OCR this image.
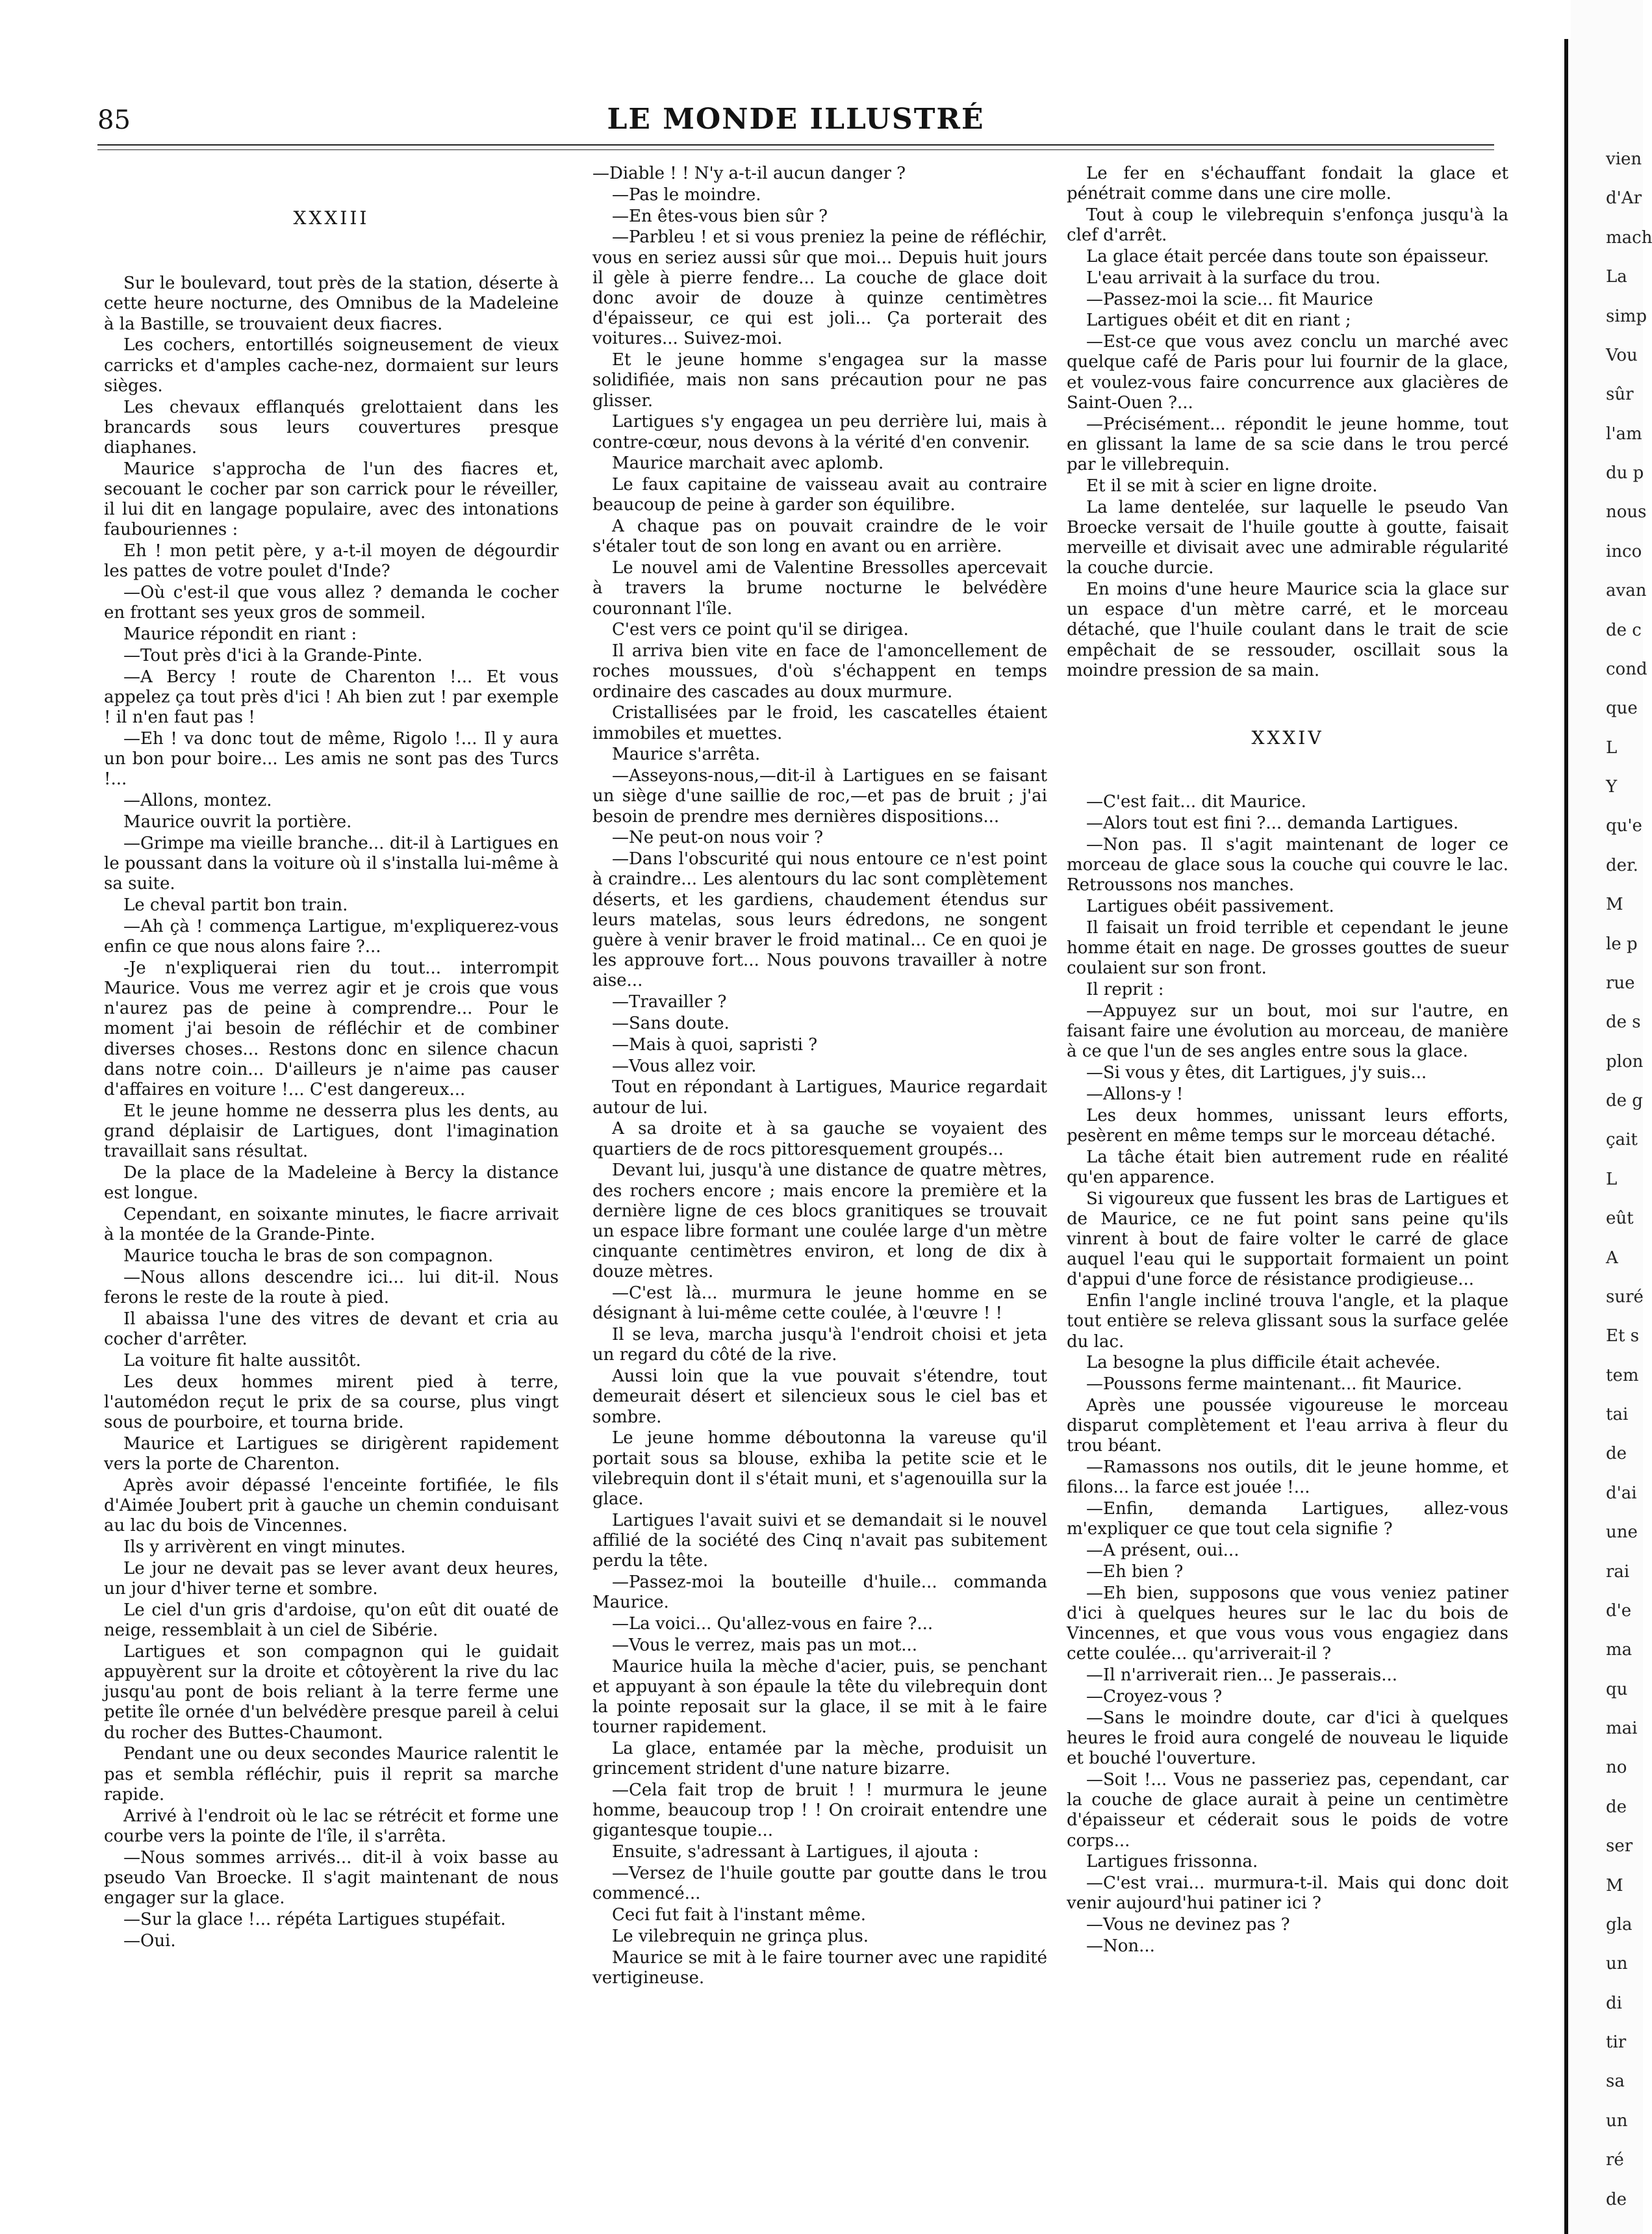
85	LE MONDE ILLUSTRÉ
XXXIII

Sur le boulevard, tout près de la station, déserte à cette heure nocturne, des Omnibus de la Madeleine à la Bastille, se trouvaient deux fiacres.

Les cochers, entortillés soigneusement de vieux carricks et d'amples cache-nez, dormaient sur leurs sièges.

Les chevaux efflanqués grelottaient dans les brancards sous leurs couvertures presque diaphanes.

Maurice s'approcha de l'un des fiacres et, secouant le cocher par son carrick pour le réveiller, il lui dit en langage populaire, avec des intonations faubouriennes :

Eh ! mon petit père, y a-t-il moyen de dégourdir les pattes de votre poulet d'Inde?

—Où c'est-il que vous allez ? demanda le cocher en frottant ses yeux gros de sommeil.

Maurice répondit en riant :

—Tout près d'ici à la Grande-Pinte.

—A Bercy ! route de Charenton !... Et vous appelez ça tout près d'ici ! Ah bien zut ! par exemple ! il n'en faut pas !

—Eh ! va donc tout de même, Rigolo !... Il y aura un bon pour boire... Les amis ne sont pas des Turcs !...

—Allons, montez.

Maurice ouvrit la portière.

—Grimpe ma vieille branche... dit-il à Lartigues en le poussant dans la voiture où il s'installa lui-même à sa suite.

Le cheval partit bon train.

—Ah çà ! commença Lartigue, m'expliquerez-vous enfin ce que nous alons faire ?...

-Je n'expliquerai rien du tout... interrompit Maurice. Vous me verrez agir et je crois que vous n'aurez pas de peine à comprendre... Pour le moment j'ai besoin de réfléchir et de combiner diverses choses... Restons donc en silence chacun dans notre coin... D'ailleurs je n'aime pas causer d'affaires en voiture !... C'est dangereux...

Et le jeune homme ne desserra plus les dents, au grand déplaisir de Lartigues, dont l'imagination travaillait sans résultat.

De la place de la Madeleine à Bercy la distance est longue.

Cependant, en soixante minutes, le fiacre arrivait à la montée de la Grande-Pinte.

Maurice toucha le bras de son compagnon.

—Nous allons descendre ici... lui dit-il. Nous ferons le reste de la route à pied.

Il abaissa l'une des vitres de devant et cria au cocher d'arrêter.

La voiture fit halte aussitôt.

Les deux hommes mirent pied à terre, l'automédon reçut le prix de sa course, plus vingt sous de pourboire, et tourna bride.

Maurice et Lartigues se dirigèrent rapidement vers la porte de Charenton.

Après avoir dépassé l'enceinte fortifiée, le fils d'Aimée Joubert prit à gauche un chemin conduisant au lac du bois de Vincennes.

Ils y arrivèrent en vingt minutes.

Le jour ne devait pas se lever avant deux heures, un jour d'hiver terne et sombre.

Le ciel d'un gris d'ardoise, qu'on eût dit ouaté de neige, ressemblait à un ciel de Sibérie.

Lartigues et son compagnon qui le guidait appuyèrent sur la droite et côtoyèrent la rive du lac jusqu'au pont de bois reliant à la terre ferme une petite île ornée d'un belvédère presque pareil à celui du rocher des Buttes-Chaumont.

Pendant une ou deux secondes Maurice ralentit le pas et sembla réfléchir, puis il reprit sa marche rapide.

Arrivé à l'endroit où le lac se rétrécit et forme une courbe vers la pointe de l'île, il s'arrêta.

—Nous sommes arrivés... dit-il à voix basse au pseudo Van Broecke. Il s'agit maintenant de nous engager sur la glace.

—Sur la glace !... répéta Lartigues stupéfait.

—Oui.

—Diable ! ! N'y a-t-il aucun danger ?

—Pas le moindre.

—En êtes-vous bien sûr ?

—Parbleu ! et si vous preniez la peine de réfléchir, vous en seriez aussi sûr que moi... Depuis huit jours il gèle à pierre fendre... La couche de glace doit donc avoir de douze à quinze centimètres d'épaisseur, ce qui est joli... Ça porterait des voitures... Suivez-moi.

Et le jeune homme s'engagea sur la masse solidifiée, mais non sans précaution pour ne pas glisser.

Lartigues s'y engagea un peu derrière lui, mais à contre-cœur, nous devons à la vérité d'en convenir.

Maurice marchait avec aplomb.

Le faux capitaine de vaisseau avait au contraire beaucoup de peine à garder son équilibre.

A chaque pas on pouvait craindre de le voir s'étaler tout de son long en avant ou en arrière.

Le nouvel ami de Valentine Bressolles apercevait à travers la brume nocturne le belvédère couronnant l'île.

C'est vers ce point qu'il se dirigea.

Il arriva bien vite en face de l'amoncellement de roches moussues, d'où s'échappent en temps ordinaire des cascades au doux murmure.

Cristallisées par le froid, les cascatelles étaient immobiles et muettes.

Maurice s'arrêta.

—Asseyons-nous,—dit-il à Lartigues en se faisant un siège d'une saillie de roc,—et pas de bruit ; j'ai besoin de prendre mes dernières dispositions...

—Ne peut-on nous voir ?

—Dans l'obscurité qui nous entoure ce n'est point à craindre... Les alentours du lac sont complètement déserts, et les gardiens, chaudement étendus sur leurs matelas, sous leurs édredons, ne songent guère à venir braver le froid matinal... Ce en quoi je les approuve fort... Nous pouvons travailler à notre aise...

—Travailler ?

—Sans doute.

—Mais à quoi, sapristi ?

—Vous allez voir.

Tout en répondant à Lartigues, Maurice regardait autour de lui.

A sa droite et à sa gauche se voyaient des quartiers de de rocs pittoresquement groupés...

Devant lui, jusqu'à une distance de quatre mètres, des rochers encore ; mais encore la première et la dernière ligne de ces blocs granitiques se trouvait un espace libre formant une coulée large d'un mètre cinquante centimètres environ, et long de dix à douze mètres.

—C'est là... murmura le jeune homme en se désignant à lui-même cette coulée, à l'œuvre ! !

Il se leva, marcha jusqu'à l'endroit choisi et jeta un regard du côté de la rive.

Aussi loin que la vue pouvait s'étendre, tout demeurait désert et silencieux sous le ciel bas et sombre.

Le jeune homme déboutonna la vareuse qu'il portait sous sa blouse, exhiba la petite scie et le vilebrequin dont il s'était muni, et s'agenouilla sur la glace.

Lartigues l'avait suivi et se demandait si le nouvel affilié de la société des Cinq n'avait pas subitement perdu la tête.

—Passez-moi la bouteille d'huile... commanda Maurice.

—La voici... Qu'allez-vous en faire ?...

—Vous le verrez, mais pas un mot...

Maurice huila la mèche d'acier, puis, se penchant et appuyant à son épaule la tête du vilebrequin dont la pointe reposait sur la glace, il se mit à le faire tourner rapidement.

La glace, entamée par la mèche, produisit un grincement strident d'une nature bizarre.

—Cela fait trop de bruit ! ! murmura le jeune homme, beaucoup trop ! ! On croirait entendre une gigantesque toupie...

Ensuite, s'adressant à Lartigues, il ajouta :

—Versez de l'huile goutte par goutte dans le trou commencé...

Ceci fut fait à l'instant même.

Le vilebrequin ne grinça plus.

Maurice se mit à le faire tourner avec une rapidité vertigineuse.

Le fer en s'échauffant fondait la glace et pénétrait comme dans une cire molle.

Tout à coup le vilebrequin s'enfonça jusqu'à la clef d'arrêt.

La glace était percée dans toute son épaisseur.

L'eau arrivait à la surface du trou.

—Passez-moi la scie... fit Maurice

Lartigues obéit et dit en riant ;

—Est-ce que vous avez conclu un marché avec quelque café de Paris pour lui fournir de la glace, et voulez-vous faire concurrence aux glacières de Saint-Ouen ?...

—Précisément... répondit le jeune homme, tout en glissant la lame de sa scie dans le trou percé par le villebrequin.

Et il se mit à scier en ligne droite.

La lame dentelée, sur laquelle le pseudo Van Broecke versait de l'huile goutte à goutte, faisait merveille et divisait avec une admirable régularité la couche durcie.

En moins d'une heure Maurice scia la glace sur un espace d'un mètre carré, et le morceau détaché, que l'huile coulant dans le trait de scie empêchait de se ressouder, oscillait sous la moindre pression de sa main.

XXXIV

—C'est fait... dit Maurice.

—Alors tout est fini ?... demanda Lartigues.

—Non pas. Il s'agit maintenant de loger ce morceau de glace sous la couche qui couvre le lac. Retroussons nos manches.

Lartigues obéit passivement.

Il faisait un froid terrible et cependant le jeune homme était en nage. De grosses gouttes de sueur coulaient sur son front.

Il reprit :

—Appuyez sur un bout, moi sur l'autre, en faisant faire une évolution au morceau, de manière à ce que l'un de ses angles entre sous la glace.

—Si vous y êtes, dit Lartigues, j'y suis...

—Allons-y !

Les deux hommes, unissant leurs efforts, pesèrent en même temps sur le morceau détaché.

La tâche était bien autrement rude en réalité qu'en apparence.

Si vigoureux que fussent les bras de Lartigues et de Maurice, ce ne fut point sans peine qu'ils vinrent à bout de faire volter le carré de glace auquel l'eau qui le supportait formaient un point d'appui d'une force de résistance prodigieuse...

Enfin l'angle incliné trouva l'angle, et la plaque tout entière se releva glissant sous la surface gelée du lac.

La besogne la plus difficile était achevée.

—Poussons ferme maintenant... fit Maurice.

Après une poussée vigoureuse le morceau disparut complètement et l'eau arriva à fleur du trou béant.

—Ramassons nos outils, dit le jeune homme, et filons... la farce est jouée !...

—Enfin, demanda Lartigues, allez-vous m'expliquer ce que tout cela signifie ?

—A présent, oui...

—Eh bien ?

—Eh bien, supposons que vous veniez patiner d'ici à quelques heures sur le lac du bois de Vincennes, et que vous vous vous engagiez dans cette coulée... qu'arriverait-il ?

—Il n'arriverait rien... Je passerais...

—Croyez-vous ?

—Sans le moindre doute, car d'ici à quelques heures le froid aura congelé de nouveau le liquide et bouché l'ouverture.

—Soit !... Vous ne passeriez pas, cependant, car la couche de glace aurait à peine un centimètre d'épaisseur et céderait sous le poids de votre corps...

Lartigues frissonna.

—C'est vrai... murmura-t-il. Mais qui donc doit venir aujourd'hui patiner ici ?

—Vous ne devinez pas ?

—Non...

vien
d'Ar
mach
La
simp
Vou
sûr
l'am
du p
nous
inco
avan
de c
cond
que
L
Y
qu'e
der.
M
le p
rue
de s
plon
de g
çait
L
eût
A
suré
Et s
tem
tai
de
d'ai
une
rai
d'e
ma
qu
mai
no
de
ser
M
gla
un
di
tir
sa
un
ré
de
